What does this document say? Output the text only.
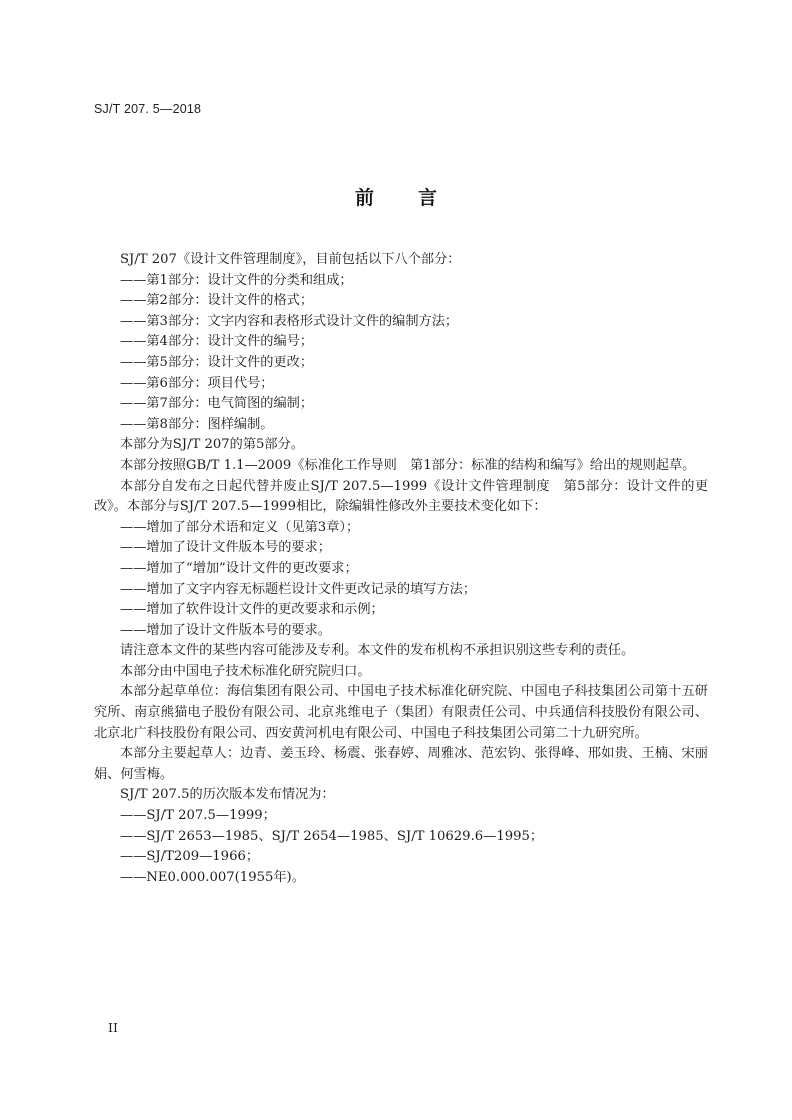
SJ/T 207. 5—2018
前言

SJ/T 207《设计文件管理制度》，目前包括以下八个部分：

——第1部分：设计文件的分类和组成；

——第2部分：设计文件的格式；

——第3部分：文字内容和表格形式设计文件的编制方法；

——第4部分：设计文件的编号；

——第5部分：设计文件的更改；

——第6部分：项目代号；

——第7部分：电气简图的编制；

——第8部分：图样编制。

本部分为SJ/T 207的第5部分。

本部分按照GB/T 1.1—2009《标准化工作导则　第1部分：标准的结构和编写》给出的规则起草。

本部分自发布之日起代替并废止SJ/T 207.5—1999《设计文件管理制度　第5部分：设计文件的更改》。本部分与SJ/T 207.5—1999相比，除编辑性修改外主要技术变化如下：

——增加了部分术语和定义（见第3章）；

——增加了设计文件版本号的要求；

——增加了“增加”设计文件的更改要求；

——增加了文字内容无标题栏设计文件更改记录的填写方法；

——增加了软件设计文件的更改要求和示例；

——增加了设计文件版本号的要求。

请注意本文件的某些内容可能涉及专利。本文件的发布机构不承担识别这些专利的责任。

本部分由中国电子技术标准化研究院归口。

本部分起草单位：海信集团有限公司、中国电子技术标准化研究院、中国电子科技集团公司第十五研究所、南京熊猫电子股份有限公司、北京兆维电子（集团）有限责任公司、中兵通信科技股份有限公司、北京北广科技股份有限公司、西安黄河机电有限公司、中国电子科技集团公司第二十九研究所。

本部分主要起草人：边青、姜玉玲、杨震、张春婷、周雅冰、范宏钧、张得峰、邢如贵、王楠、宋丽娟、何雪梅。

SJ/T 207.5的历次版本发布情况为：

——SJ/T 207.5—1999；

——SJ/T 2653—1985、SJ/T 2654—1985、SJ/T 10629.6—1995；

——SJ/T209—1966；

——NE0.000.007(1955年)。

II
